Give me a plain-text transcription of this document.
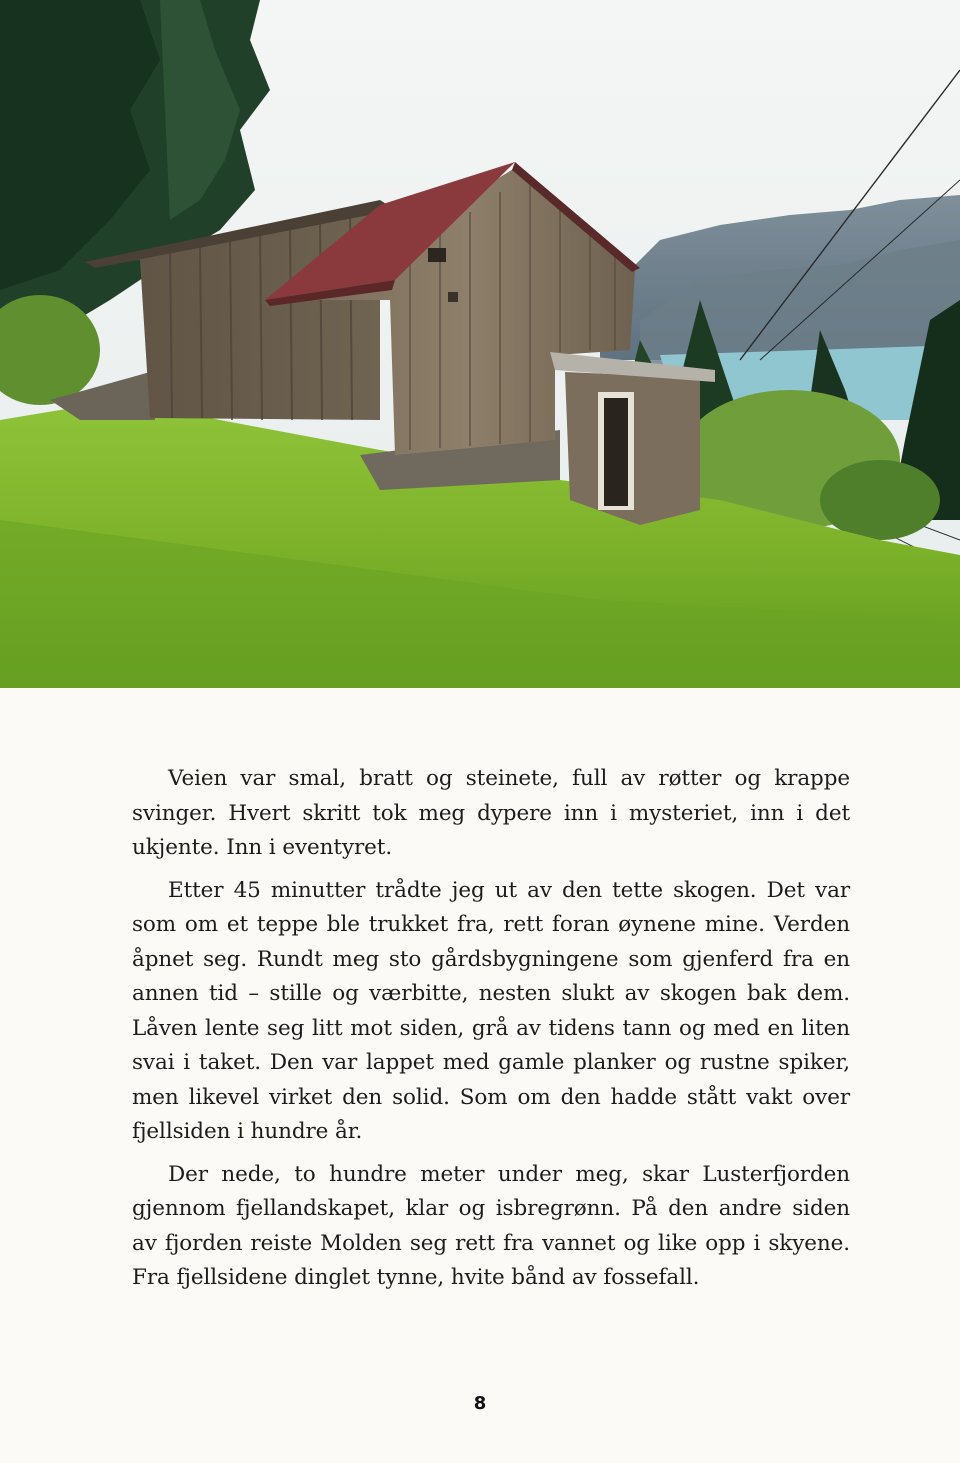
Veien var smal, bratt og steinete, full av røtter og krappe svinger. Hvert skritt tok meg dypere inn i mysteriet, inn i det ukjente. Inn i eventyret.

Etter 45 minutter trådte jeg ut av den tette skogen. Det var som om et teppe ble trukket fra, rett foran øynene mine. Verden åpnet seg. Rundt meg sto gårdsbygningene som gjenferd fra en annen tid – stille og værbitte, nesten slukt av skogen bak dem. Låven lente seg litt mot siden, grå av tidens tann og med en liten svai i taket. Den var lappet med gamle planker og rustne spiker, men likevel virket den solid. Som om den hadde stått vakt over fjellsiden i hundre år.

Der nede, to hundre meter under meg, skar Lusterfjorden gjennom fjellandskapet, klar og isbregrønn. På den andre siden av fjorden reiste Molden seg rett fra vannet og like opp i skyene. Fra fjellsidene dinglet tynne, hvite bånd av fossefall.

8
